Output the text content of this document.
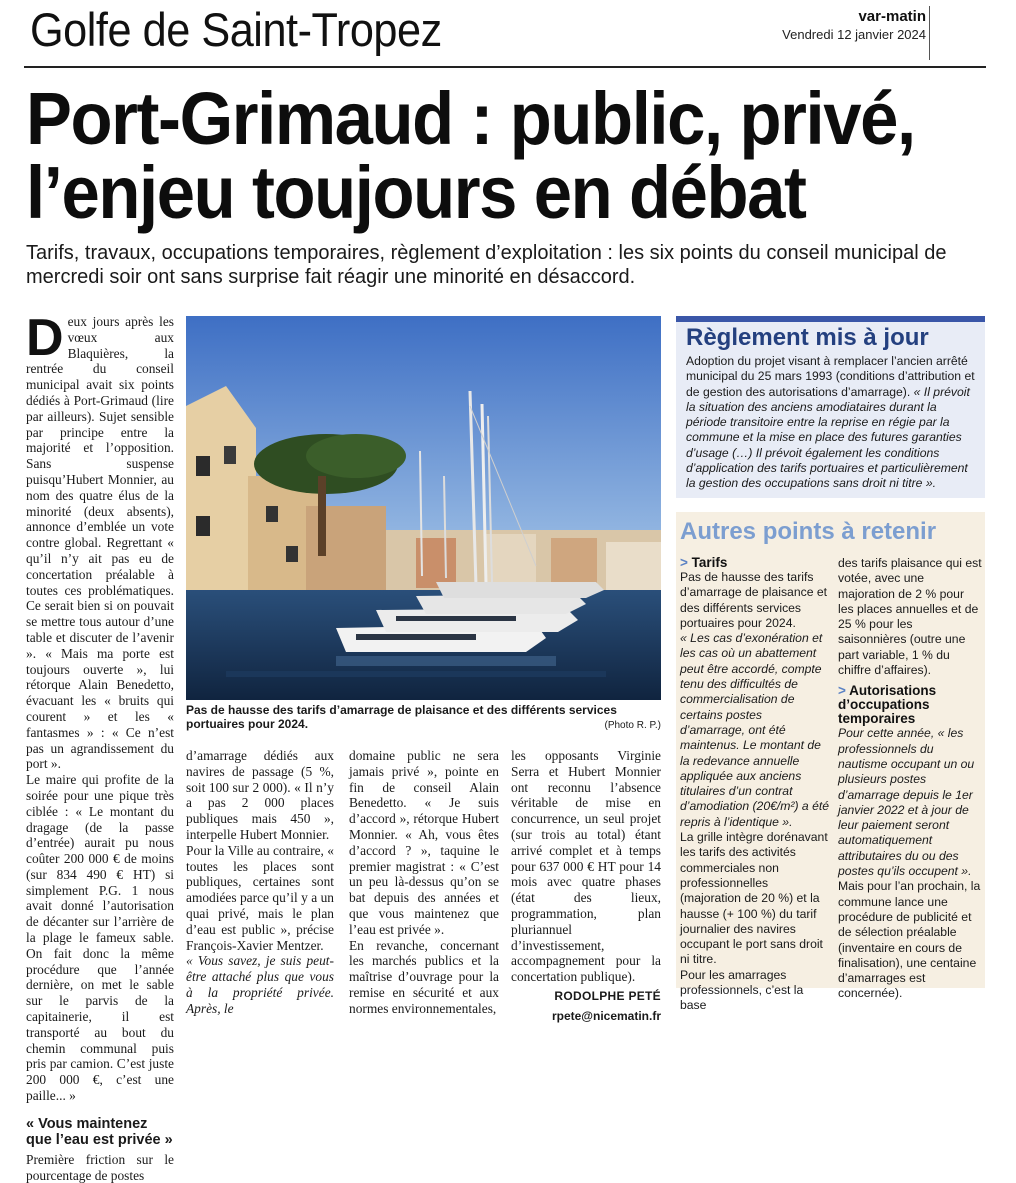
Golfe de Saint-Tropez	var-matin
Vendredi 12 janvier 2024
Port-Grimaud : public, privé,
l’enjeu toujours en débat
Tarifs, travaux, occupations temporaires, règlement d’exploitation : les six points du conseil municipal de mercredi soir ont sans surprise fait réagir une minorité en désaccord.
D eux jours après les vœux aux Blaquières, la rentrée du conseil municipal avait six points dédiés à Port-Grimaud (lire par ailleurs). Sujet sensible par principe entre la majorité et l’opposition. Sans suspense puisqu’Hubert Monnier, au nom des quatre élus de la minorité (deux absents), annonce d’emblée un vote contre global. Regrettant « qu’il n’y ait pas eu de concertation préalable à toutes ces problématiques. Ce serait bien si on pouvait se mettre tous autour d’une table et discuter de l’avenir ». « Mais ma porte est toujours ouverte », lui rétorque Alain Benedetto, évacuant les « bruits qui courent » et les « fantasmes » : « Ce n’est pas un agrandissement du port ».

Le maire qui profite de la soirée pour une pique très ciblée : « Le montant du dragage (de la passe d’entrée) aurait pu nous coûter 200 000 € de moins (sur 834 490 € HT) si simplement P.G. 1 nous avait donné l’autorisation de décanter sur l’arrière de la plage le fameux sable. On fait donc la même procédure que l’année dernière, on met le sable sur le parvis de la capitainerie, il est transporté au bout du chemin communal puis pris par camion. C’est juste 200 000 €, c’est une paille... »

« Vous maintenez que l’eau est privée »

Première friction sur le pourcentage de postes

Pas de hausse des tarifs d’amarrage de plaisance et des différents services portuaires pour 2024.	(Photo R. P.)

d’amarrage dédiés aux navires de passage (5 %, soit 100 sur 2 000). « Il n’y a pas 2 000 places publiques mais 450 », interpelle Hubert Monnier.

Pour la Ville au contraire, « toutes les places sont publiques, certaines sont amodiées parce qu’il y a un quai privé, mais le plan d’eau est public », précise François-Xavier Mentzer.

« Vous savez, je suis peut-être attaché plus que vous à la propriété privée. Après, le

domaine public ne sera jamais privé », pointe en fin de conseil Alain Benedetto. « Je suis d’accord », rétorque Hubert Monnier. « Ah, vous êtes d’accord ? », taquine le premier magistrat : « C’est un peu là-dessus qu’on se bat depuis des années et que vous maintenez que l’eau est privée ».

En revanche, concernant les marchés publics et la maîtrise d’ouvrage pour la remise en sécurité et aux normes environnementales,

les opposants Virginie Serra et Hubert Monnier ont reconnu l’absence véritable de mise en concurrence, un seul projet (sur trois au total) étant arrivé complet et à temps pour 637 000 € HT pour 14 mois avec quatre phases (état des lieux, programmation, plan pluriannuel d’investissement, accompagnement pour la concertation publique).

RODOLPHE PETÉ
rpete@nicematin.fr
Règlement mis à jour
Adoption du projet visant à remplacer l’ancien arrêté municipal du 25 mars 1993 (conditions d’attribution et de gestion des autorisations d’amarrage). « Il prévoit la situation des anciens amodiataires durant la période transitoire entre la reprise en régie par la commune et la mise en place des futures garanties d’usage (…) Il prévoit également les conditions d’application des tarifs portuaires et particulièrement la gestion des occupations sans droit ni titre ».
Autres points à retenir
> Tarifs

Pas de hausse des tarifs d’amarrage de plaisance et des différents services portuaires pour 2024.

« Les cas d’exonération et les cas où un abattement peut être accordé, compte tenu des difficultés de commercialisation de certains postes d’amarrage, ont été maintenus. Le montant de la redevance annuelle appliquée aux anciens titulaires d’un contrat d’amodiation (20€/m²) a été repris à l’identique ».

La grille intègre dorénavant les tarifs des activités commerciales non professionnelles (majoration de 20 %) et la hausse (+ 100 %) du tarif journalier des navires occupant le port sans droit ni titre.

Pour les amarrages professionnels, c’est la base

des tarifs plaisance qui est votée, avec une majoration de 2 % pour les places annuelles et de 25 % pour les saisonnières (outre une part variable, 1 % du chiffre d’affaires).

> Autorisations d’occupations temporaires

Pour cette année, « les professionnels du nautisme occupant un ou plusieurs postes d’amarrage depuis le 1er janvier 2022 et à jour de leur paiement seront automatiquement attributaires du ou des postes qu’ils occupent ».

Mais pour l’an prochain, la commune lance une procédure de publicité et de sélection préalable (inventaire en cours de finalisation), une centaine d’amarrages est concernée).
